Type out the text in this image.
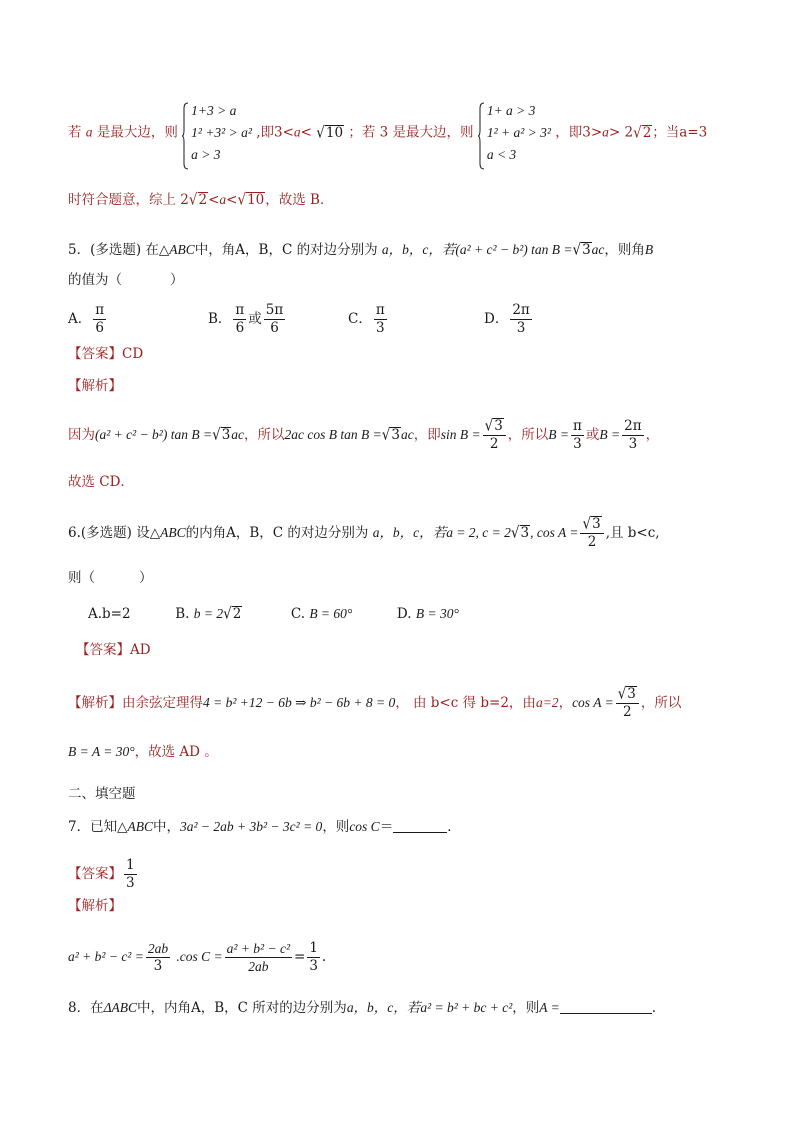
若 a 是最大边，则
1+3 > a
1² +3² > a²
a > 3
,即3<a< √10 ；若 3 是最大边，则
1+ a > 3
1² + a² > 3²
a < 3
，即3>a> 2√2；当a=3
时符合题意，综上 2√2<a<√10，故选 B．
5．(多选题) 在△ABC中，角A，B，C 的对边分别为 a，b，c，若(a² + c² − b²) tan B =√3ac，则角B
的值为（	）
A． $\frac{\pi}{6}$	B． $\frac{\pi}{6}$ 或 $\frac{5\pi}{6}$	C． $\frac{\pi}{3}$	D． $\frac{2\pi}{3}$
【答案】CD
【解析】
因为(a² + c² − b²) tan B =√3ac，所以2ac cos B tan B =√3ac，即$\sin B = \frac{√3}{2}$ ，所以$B = \frac{\pi}{3}$ 或$B = \frac{2\pi}{3}$ ，
故选 CD．
6.(多选题) 设△ABC的内角A，B，C 的对边分别为 a，b，c，若a = 2, c = 2√3, $\cos A = \frac{√3}{2}$ ,且 b<c,
则（	）
A.b=2	B. b = 2√2	C. B = 60°	D. B = 30°
【答案】AD
【解析】由余弦定理得4 = b² +12 − 6b ⇒ b² − 6b + 8 = 0， 由 b<c 得 b=2，由a=2，$\cos A = \frac{√3}{2}$ ，所以
B = A = 30°，故选 AD 。
二、填空题
7．已知△ABC中，3a² − 2ab + 3b² − 3c² = 0，则cos C＝	．
【答案】 $\frac{1}{3}$
【解析】
$a^2 + b^2 - c^2 = \frac{2ab}{3} .\cos$ $C = \frac{\text{a² + b² − c²}}{2ab} = \frac{1}{3}$ .
8．在ΔABC中，内角A，B，C 所对的边分别为a，b，c，若a² = b² + bc + c²，则A =	.
